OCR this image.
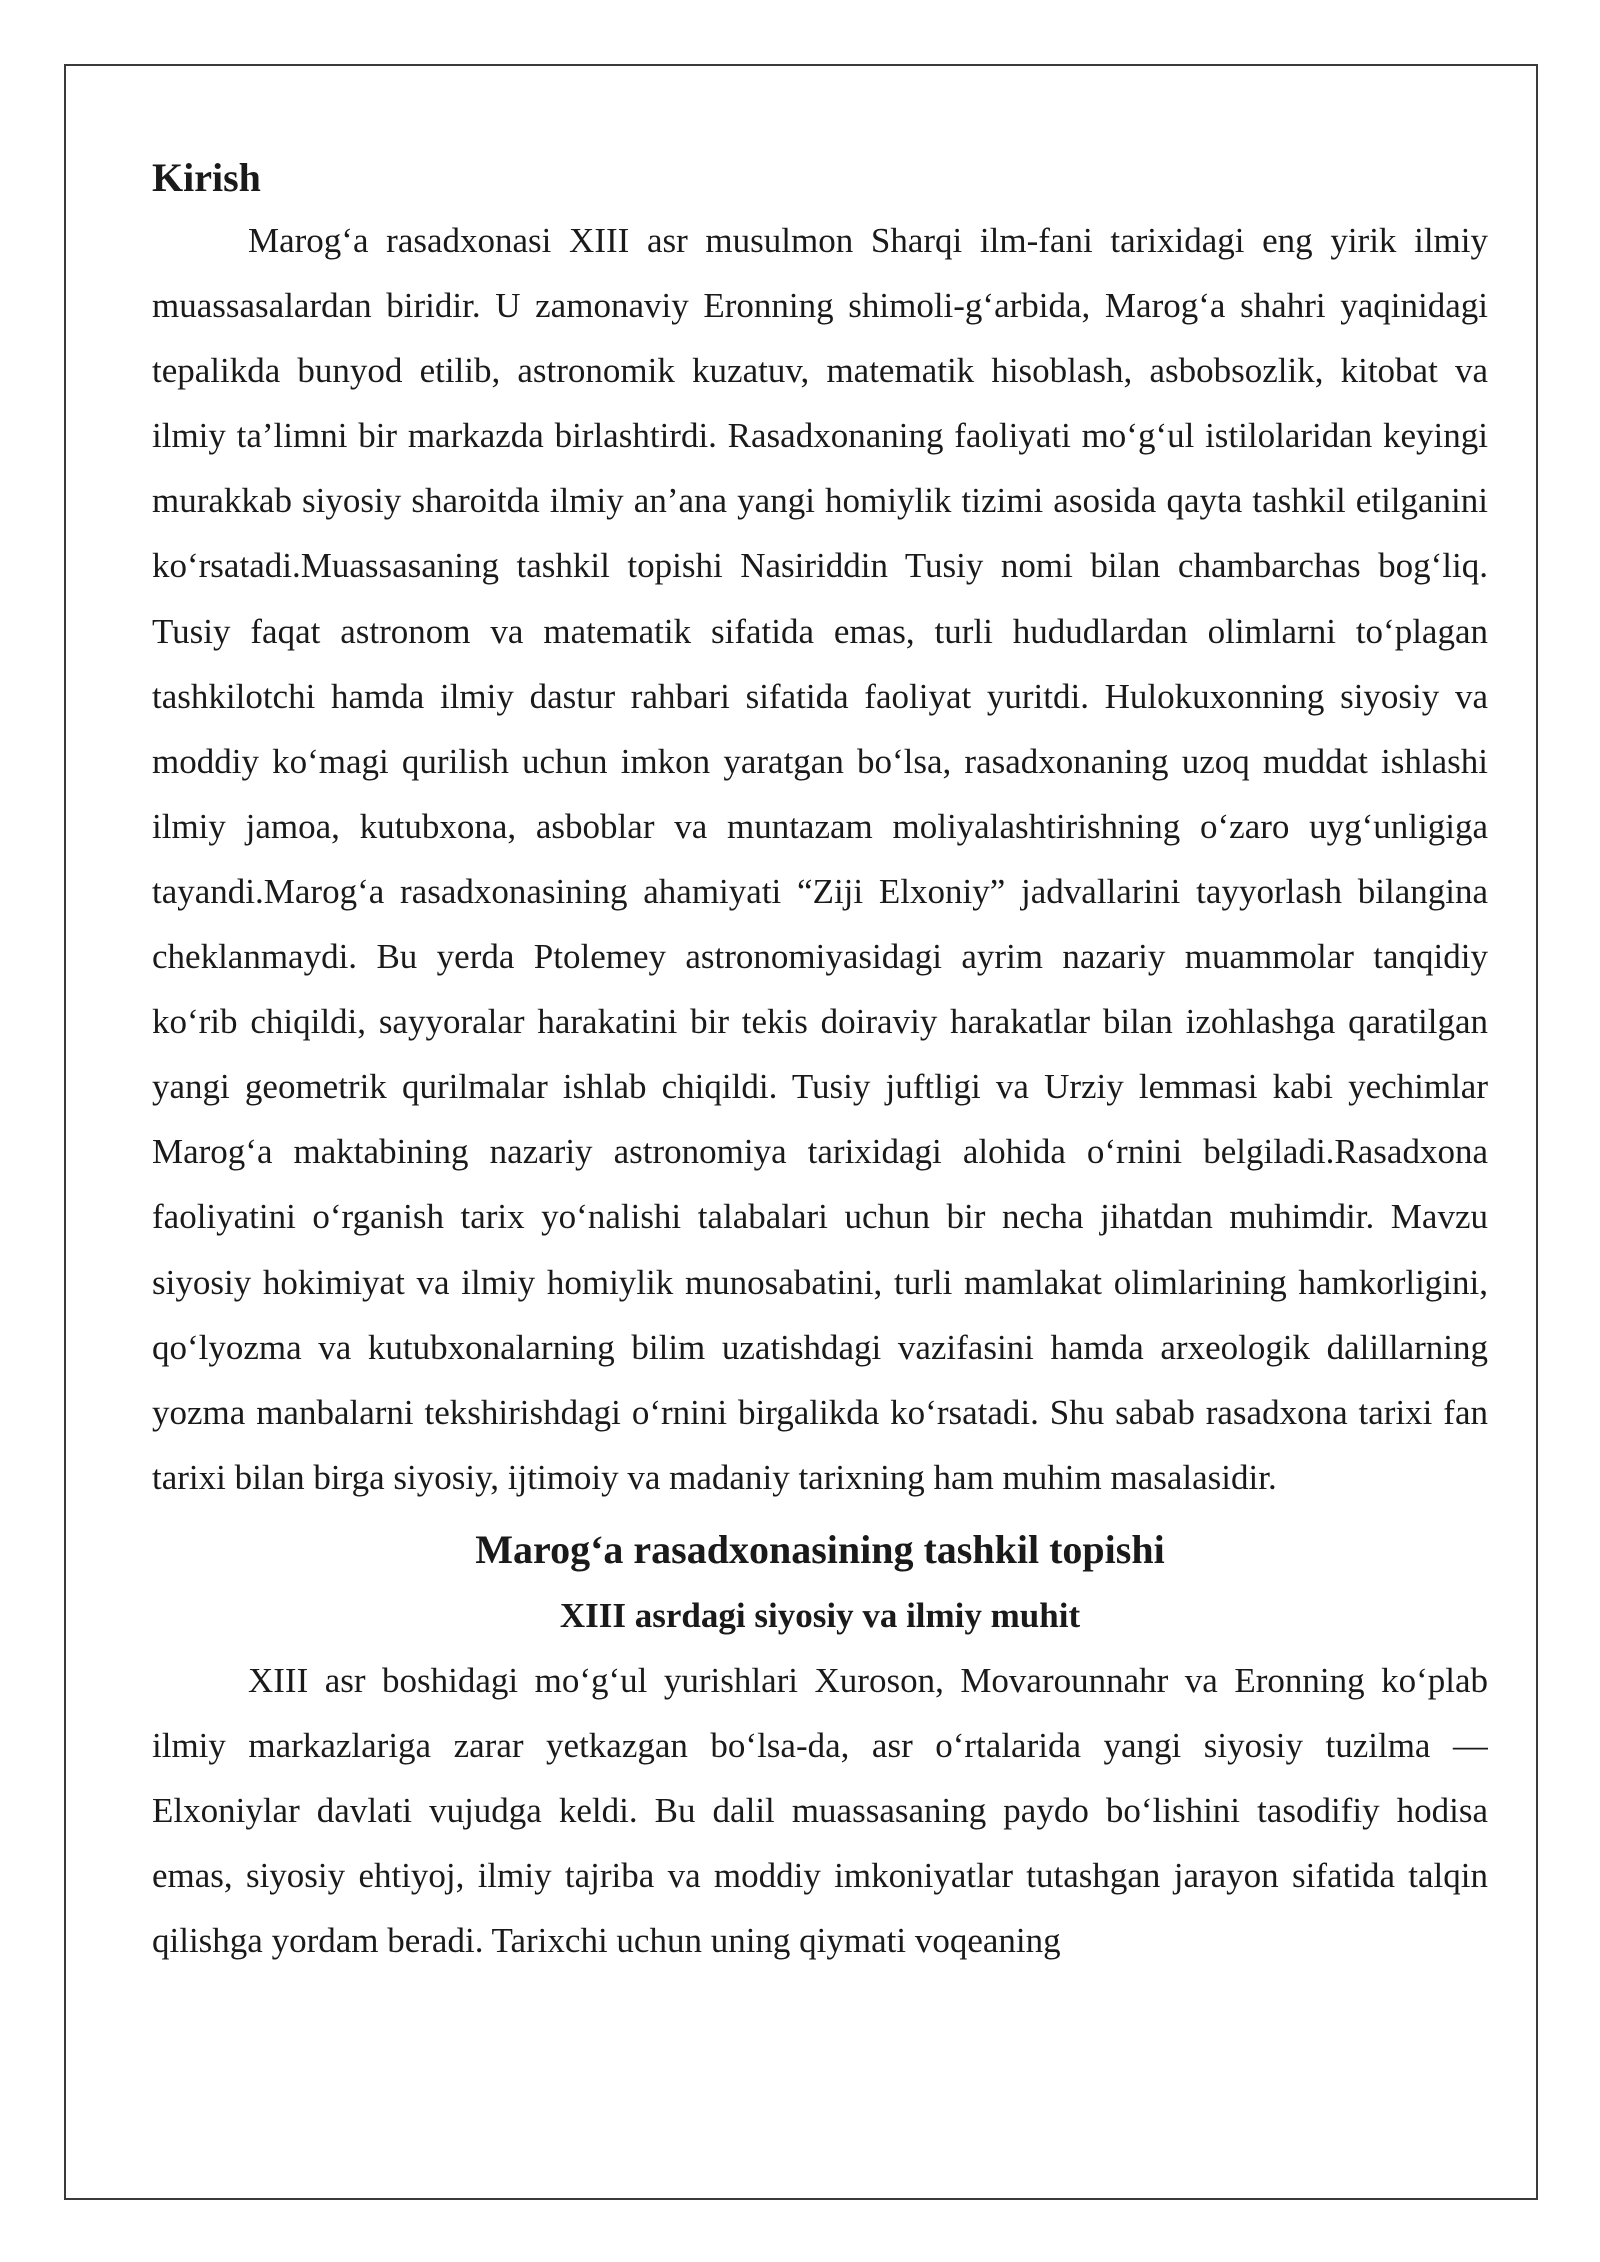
Kirish

Marog‘a rasadxonasi XIII asr musulmon Sharqi ilm-fani tarixidagi eng yirik ilmiy muassasalardan biridir. U zamonaviy Eronning shimoli-g‘arbida, Marog‘a shahri yaqinidagi tepalikda bunyod etilib, astronomik kuzatuv, matematik hisoblash, asbobsozlik, kitobat va ilmiy ta’limni bir markazda birlashtirdi. Rasadxonaning faoliyati mo‘g‘ul istilolaridan keyingi murakkab siyosiy sharoitda ilmiy an’ana yangi homiylik tizimi asosida qayta tashkil etilganini ko‘rsatadi.Muassasaning tashkil topishi Nasiriddin Tusiy nomi bilan chambarchas bog‘liq. Tusiy faqat astronom va matematik sifatida emas, turli hududlardan olimlarni to‘plagan tashkilotchi hamda ilmiy dastur rahbari sifatida faoliyat yuritdi. Hulokuxonning siyosiy va moddiy ko‘magi qurilish uchun imkon yaratgan bo‘lsa, rasadxonaning uzoq muddat ishlashi ilmiy jamoa, kutubxona, asboblar va muntazam moliyalashtirishning o‘zaro uyg‘unligiga tayandi.Marog‘a rasadxonasining ahamiyati “Ziji Elxoniy” jadvallarini tayyorlash bilangina cheklanmaydi. Bu yerda Ptolemey astronomiyasidagi ayrim nazariy muammolar tanqidiy ko‘rib chiqildi, sayyoralar harakatini bir tekis doiraviy harakatlar bilan izohlashga qaratilgan yangi geometrik qurilmalar ishlab chiqildi. Tusiy juftligi va Urziy lemmasi kabi yechimlar Marog‘a maktabining nazariy astronomiya tarixidagi alohida o‘rnini belgiladi.Rasadxona faoliyatini o‘rganish tarix yo‘nalishi talabalari uchun bir necha jihatdan muhimdir. Mavzu siyosiy hokimiyat va ilmiy homiylik munosabatini, turli mamlakat olimlarining hamkorligini, qo‘lyozma va kutubxonalarning bilim uzatishdagi vazifasini hamda arxeologik dalillarning yozma manbalarni tekshirishdagi o‘rnini birgalikda ko‘rsatadi. Shu sabab rasadxona tarixi fan tarixi bilan birga siyosiy, ijtimoiy va madaniy tarixning ham muhim masalasidir.

Marog‘a rasadxonasining tashkil topishi
XIII asrdagi siyosiy va ilmiy muhit

XIII asr boshidagi mo‘g‘ul yurishlari Xuroson, Movarounnahr va Eronning ko‘plab ilmiy markazlariga zarar yetkazgan bo‘lsa-da, asr o‘rtalarida yangi siyosiy tuzilma — Elxoniylar davlati vujudga keldi. Bu dalil muassasaning paydo bo‘lishini tasodifiy hodisa emas, siyosiy ehtiyoj, ilmiy tajriba va moddiy imkoniyatlar tutashgan jarayon sifatida talqin qilishga yordam beradi. Tarixchi uchun uning qiymati voqeaning
